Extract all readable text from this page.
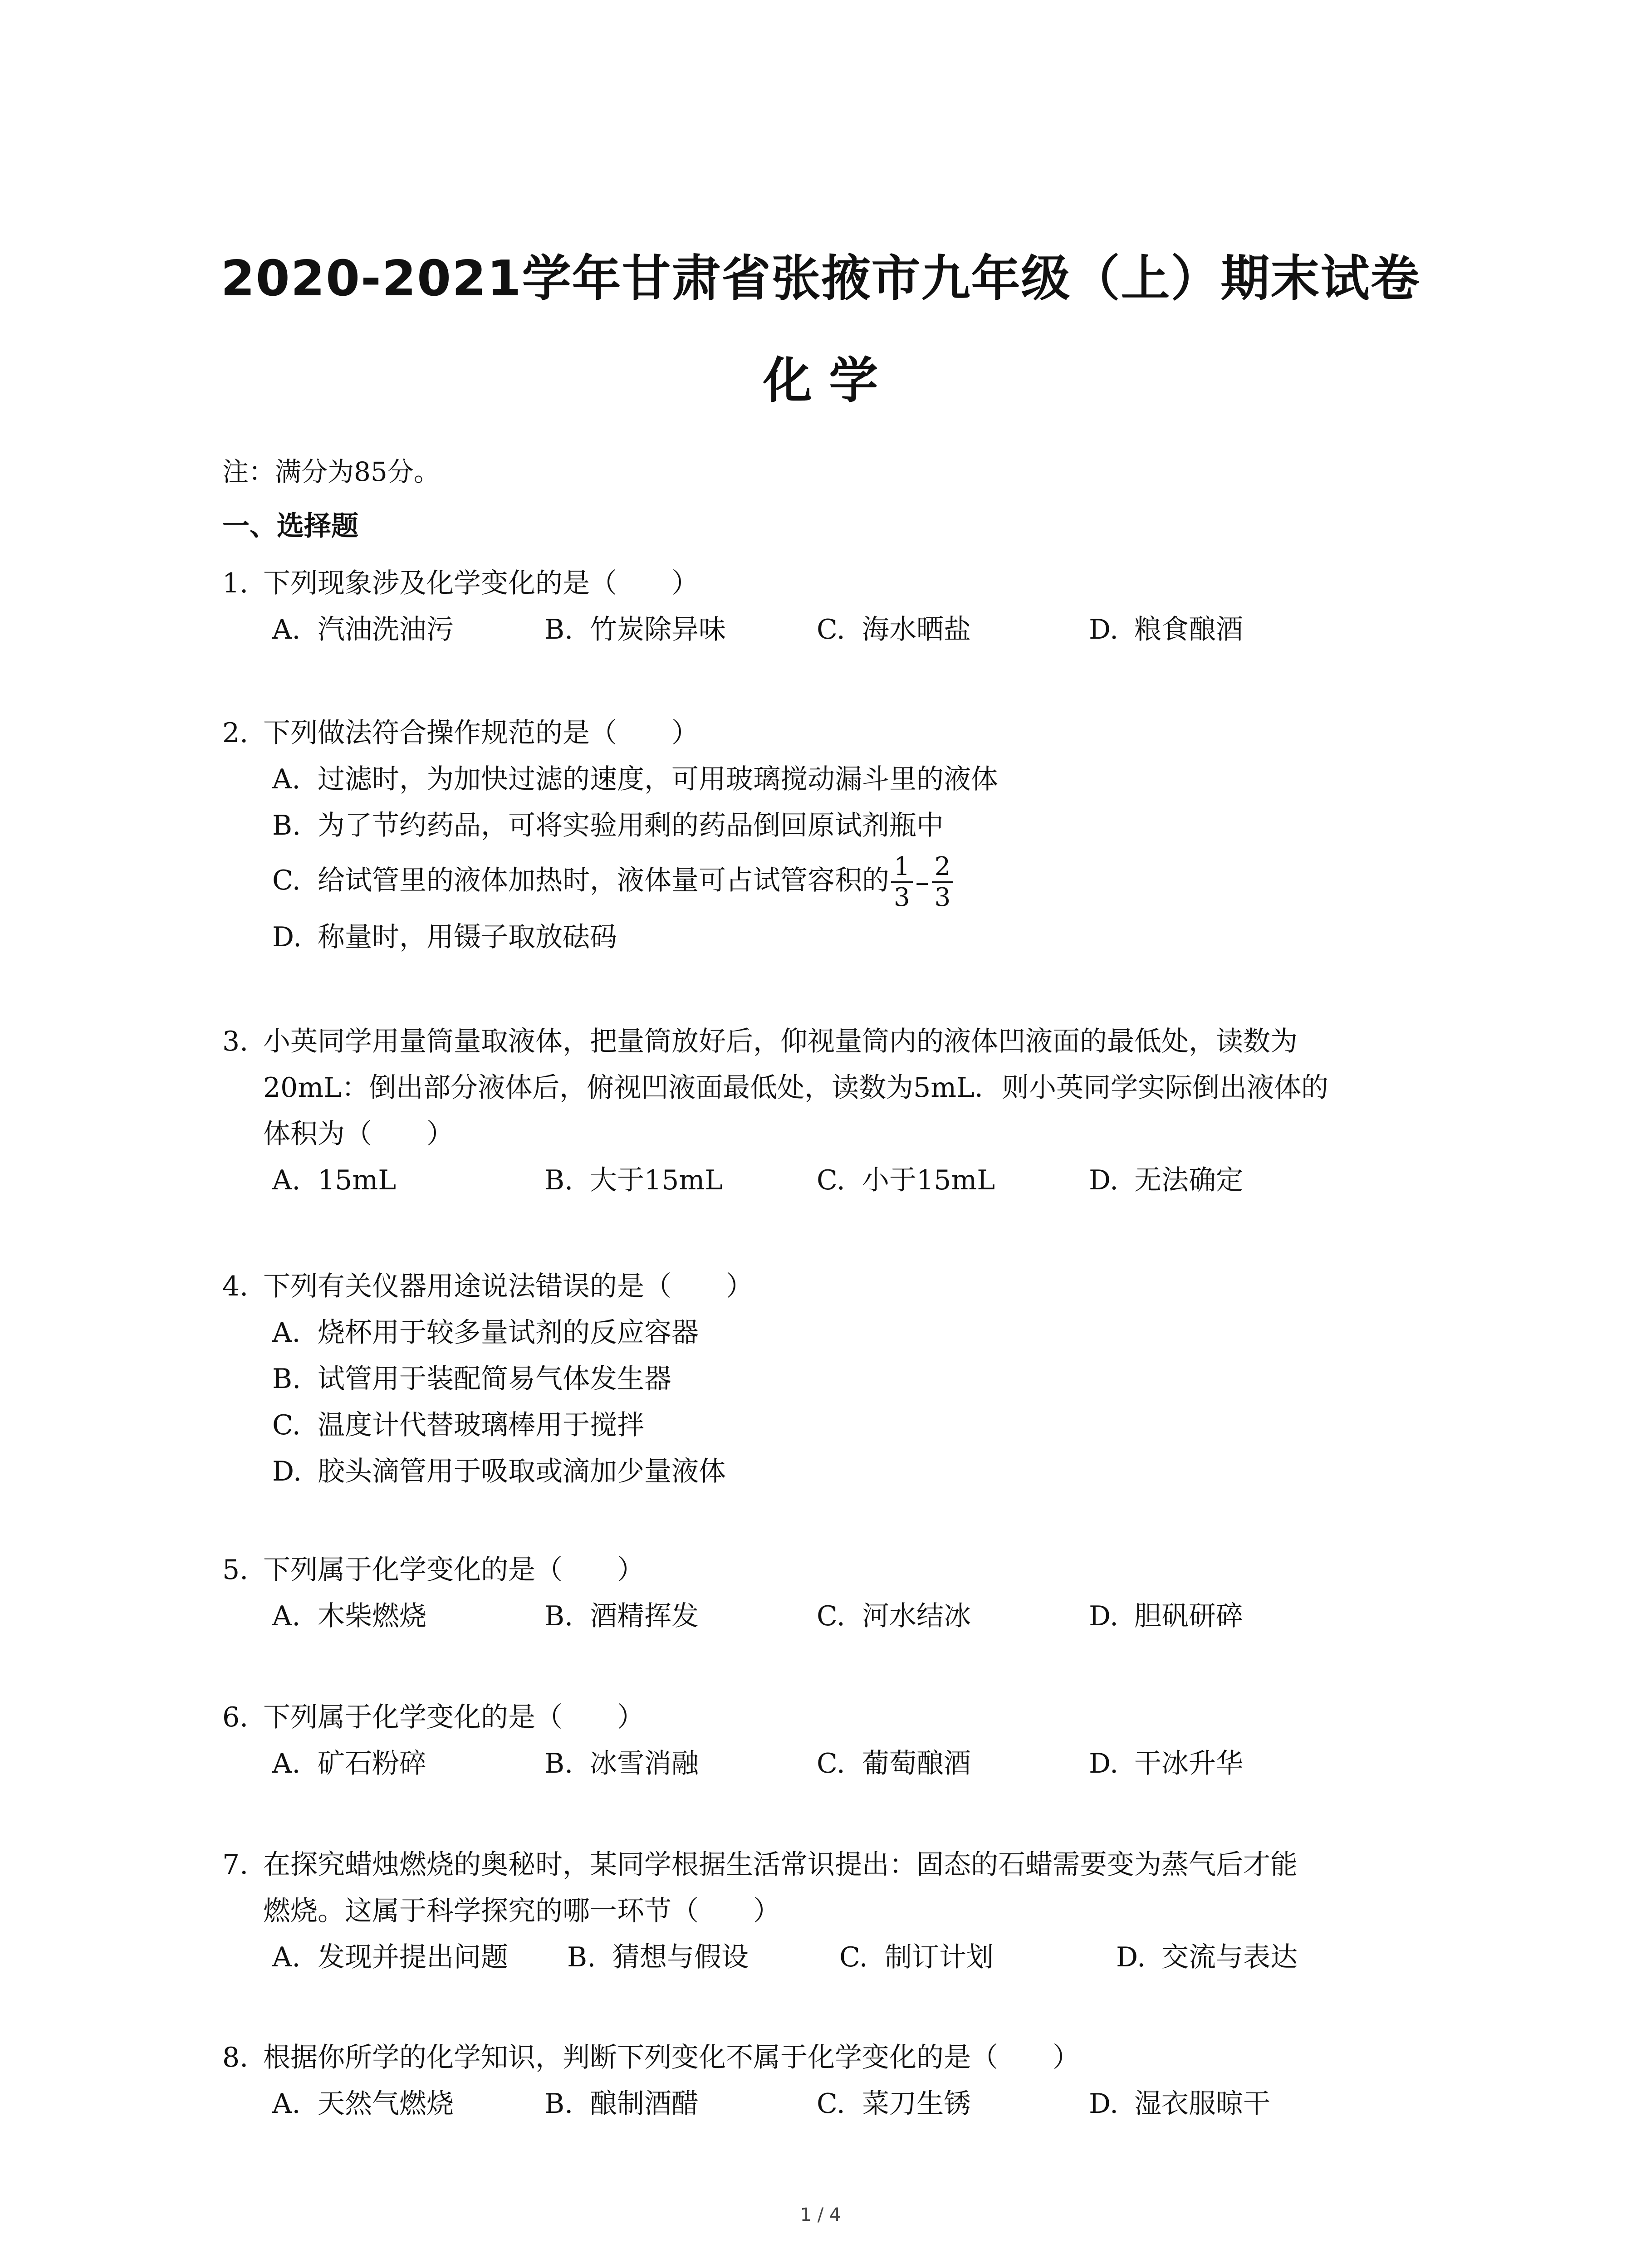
2020-2021学年甘肃省张掖市九年级（上）期末试卷
化 学
注：满分为85分。
一、选择题
1. 下列现象涉及化学变化的是（　　）
A. 汽油洗油污	B. 竹炭除异味	C. 海水晒盐	D. 粮食酿酒
2. 下列做法符合操作规范的是（　　）
A. 过滤时，为加快过滤的速度，可用玻璃搅动漏斗里的液体
B. 为了节约药品，可将实验用剩的药品倒回原试剂瓶中
C. 给试管里的液体加热时，液体量可占试管容积的 $\frac{1}{3} - \frac{2}{3}$
D. 称量时，用镊子取放砝码
3. 小英同学用量筒量取液体，把量筒放好后，仰视量筒内的液体凹液面的最低处，读数为
20mL：倒出部分液体后，俯视凹液面最低处，读数为5mL．则小英同学实际倒出液体的
体积为（　　）
A. 15mL	B. 大于15mL	C. 小于15mL	D. 无法确定
4. 下列有关仪器用途说法错误的是（　　）
A. 烧杯用于较多量试剂的反应容器
B. 试管用于装配简易气体发生器
C. 温度计代替玻璃棒用于搅拌
D. 胶头滴管用于吸取或滴加少量液体
5. 下列属于化学变化的是（　　）
A. 木柴燃烧	B. 酒精挥发	C. 河水结冰	D. 胆矾研碎
6. 下列属于化学变化的是（　　）
A. 矿石粉碎	B. 冰雪消融	C. 葡萄酿酒	D. 干冰升华
7. 在探究蜡烛燃烧的奥秘时，某同学根据生活常识提出：固态的石蜡需要变为蒸气后才能
燃烧。这属于科学探究的哪一环节（　　）
A. 发现并提出问题 B. 猜想与假设	C. 制订计划	D. 交流与表达
8. 根据你所学的化学知识，判断下列变化不属于化学变化的是（　　）
A. 天然气燃烧	B. 酿制酒醋	C. 菜刀生锈	D. 湿衣服晾干
1 / 4
